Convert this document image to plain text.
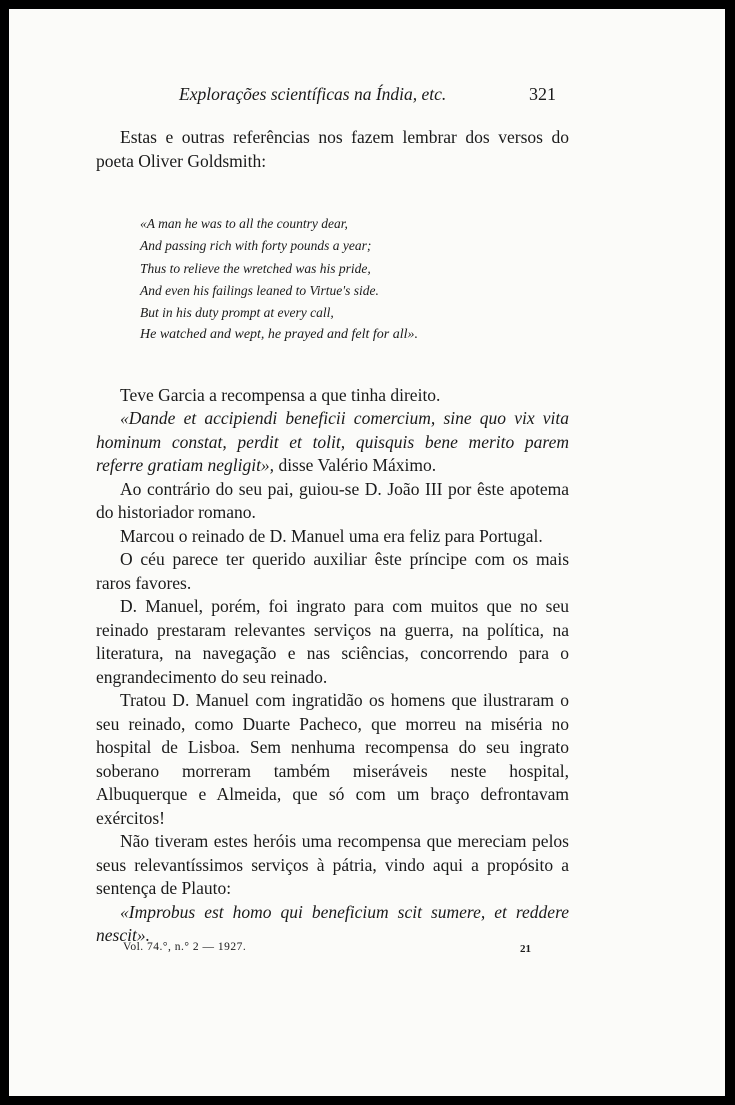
Explorações scientíficas na Índia, etc.	321

Estas e outras referências nos fazem lembrar dos versos do poeta Oliver Goldsmith:

«A man he was to all the country dear,
And passing rich with forty pounds a year;
Thus to relieve the wretched was his pride,
And even his failings leaned to Virtue's side.
But in his duty prompt at every call,
He watched and wept, he prayed and felt for all».

Teve Garcia a recompensa a que tinha direito.

«Dande et accipiendi beneficii comercium, sine quo vix vita hominum constat, perdit et tolit, quisquis bene merito parem referre gratiam negligit», disse Valério Máximo.

Ao contrário do seu pai, guiou-se D. João III por êste apotema do historiador romano.

Marcou o reinado de D. Manuel uma era feliz para Portugal.

O céu parece ter querido auxiliar êste príncipe com os mais raros favores.

D. Manuel, porém, foi ingrato para com muitos que no seu reinado prestaram relevantes serviços na guerra, na política, na literatura, na navegação e nas sciências, concorrendo para o engrandecimento do seu reinado.

Tratou D. Manuel com ingratidão os homens que ilustraram o seu reinado, como Duarte Pacheco, que morreu na miséria no hospital de Lisboa. Sem nenhuma recompensa do seu ingrato soberano morreram também miseráveis neste hospital, Albuquerque e Almeida, que só com um braço defrontavam exércitos!

Não tiveram estes heróis uma recompensa que mereciam pelos seus relevantíssimos serviços à pátria, vindo aqui a propósito a sentença de Plauto:

«Improbus est homo qui beneficium scit sumere, et reddere nescit».

Vol. 74.°, n.° 2 — 1927.	21
